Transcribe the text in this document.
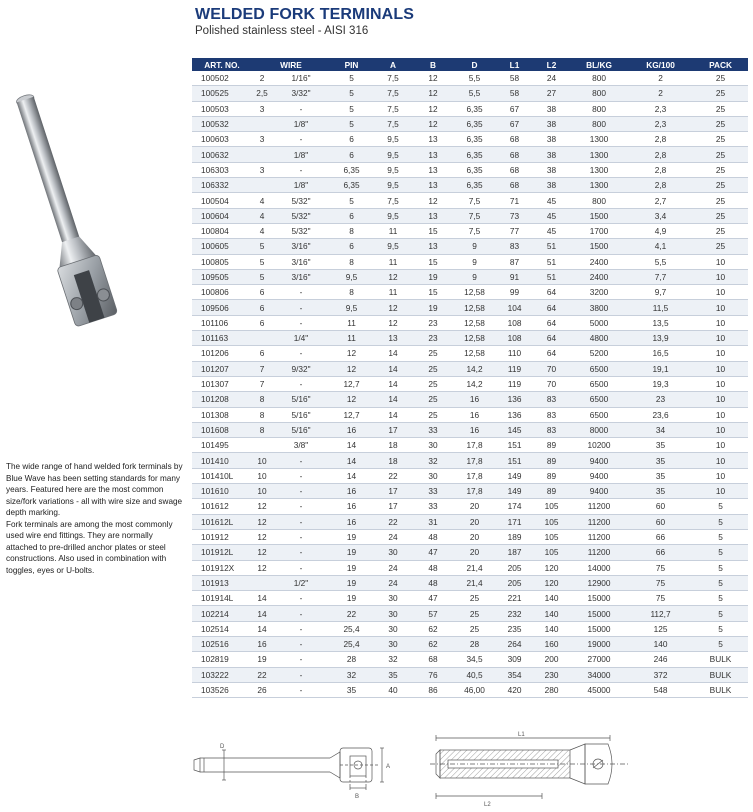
WELDED FORK TERMINALS
Polished stainless steel - AISI 316

The wide range of hand welded fork terminals by Blue Wave has been setting standards for many years. Featured here are the most common size/fork variations - all with wire size and swage depth marking.

Fork terminals are among the most commonly used wire end fittings. They are normally attached to pre-drilled anchor plates or steel constructions. Also used in combination with toggles, eyes or U-bolts.

ART. NO.	WIRE		PIN	A	B	D	L1	L2	BL/KG	KG/100	PACK
100502	2	1/16"	5	7,5	12	5,5	58	24	800	2	25
100525	2,5	3/32"	5	7,5	12	5,5	58	27	800	2	25
100503	3	-	5	7,5	12	6,35	67	38	800	2,3	25
100532		1/8"	5	7,5	12	6,35	67	38	800	2,3	25
100603	3	-	6	9,5	13	6,35	68	38	1300	2,8	25
100632		1/8"	6	9,5	13	6,35	68	38	1300	2,8	25
106303	3	-	6,35	9,5	13	6,35	68	38	1300	2,8	25
106332		1/8"	6,35	9,5	13	6,35	68	38	1300	2,8	25
100504	4	5/32"	5	7,5	12	7,5	71	45	800	2,7	25
100604	4	5/32"	6	9,5	13	7,5	73	45	1500	3,4	25
100804	4	5/32"	8	11	15	7,5	77	45	1700	4,9	25
100605	5	3/16"	6	9,5	13	9	83	51	1500	4,1	25
100805	5	3/16"	8	11	15	9	87	51	2400	5,5	10
109505	5	3/16"	9,5	12	19	9	91	51	2400	7,7	10
100806	6	-	8	11	15	12,58	99	64	3200	9,7	10
109506	6	-	9,5	12	19	12,58	104	64	3800	11,5	10
101106	6	-	11	12	23	12,58	108	64	5000	13,5	10
101163		1/4"	11	13	23	12,58	108	64	4800	13,9	10
101206	6	-	12	14	25	12,58	110	64	5200	16,5	10
101207	7	9/32"	12	14	25	14,2	119	70	6500	19,1	10
101307	7	-	12,7	14	25	14,2	119	70	6500	19,3	10
101208	8	5/16"	12	14	25	16	136	83	6500	23	10
101308	8	5/16"	12,7	14	25	16	136	83	6500	23,6	10
101608	8	5/16"	16	17	33	16	145	83	8000	34	10
101495		3/8"	14	18	30	17,8	151	89	10200	35	10
101410	10	-	14	18	32	17,8	151	89	9400	35	10
101410L	10	-	14	22	30	17,8	149	89	9400	35	10
101610	10	-	16	17	33	17,8	149	89	9400	35	10
101612	12	-	16	17	33	20	174	105	11200	60	5
101612L	12	-	16	22	31	20	171	105	11200	60	5
101912	12	-	19	24	48	20	189	105	11200	66	5
101912L	12	-	19	30	47	20	187	105	11200	66	5
101912X	12	-	19	24	48	21,4	205	120	14000	75	5
101913		1/2"	19	24	48	21,4	205	120	12900	75	5
101914L	14	-	19	30	47	25	221	140	15000	75	5
102214	14	-	22	30	57	25	232	140	15000	112,7	5
102514	14	-	25,4	30	62	25	235	140	15000	125	5
102516	16	-	25,4	30	62	28	264	160	19000	140	5
102819	19	-	28	32	68	34,5	309	200	27000	246	BULK
103222	22	-	32	35	76	40,5	354	230	34000	372	BULK
103526	26	-	35	40	86	46,00	420	280	45000	548	BULK
D
A
B
L1
L2
